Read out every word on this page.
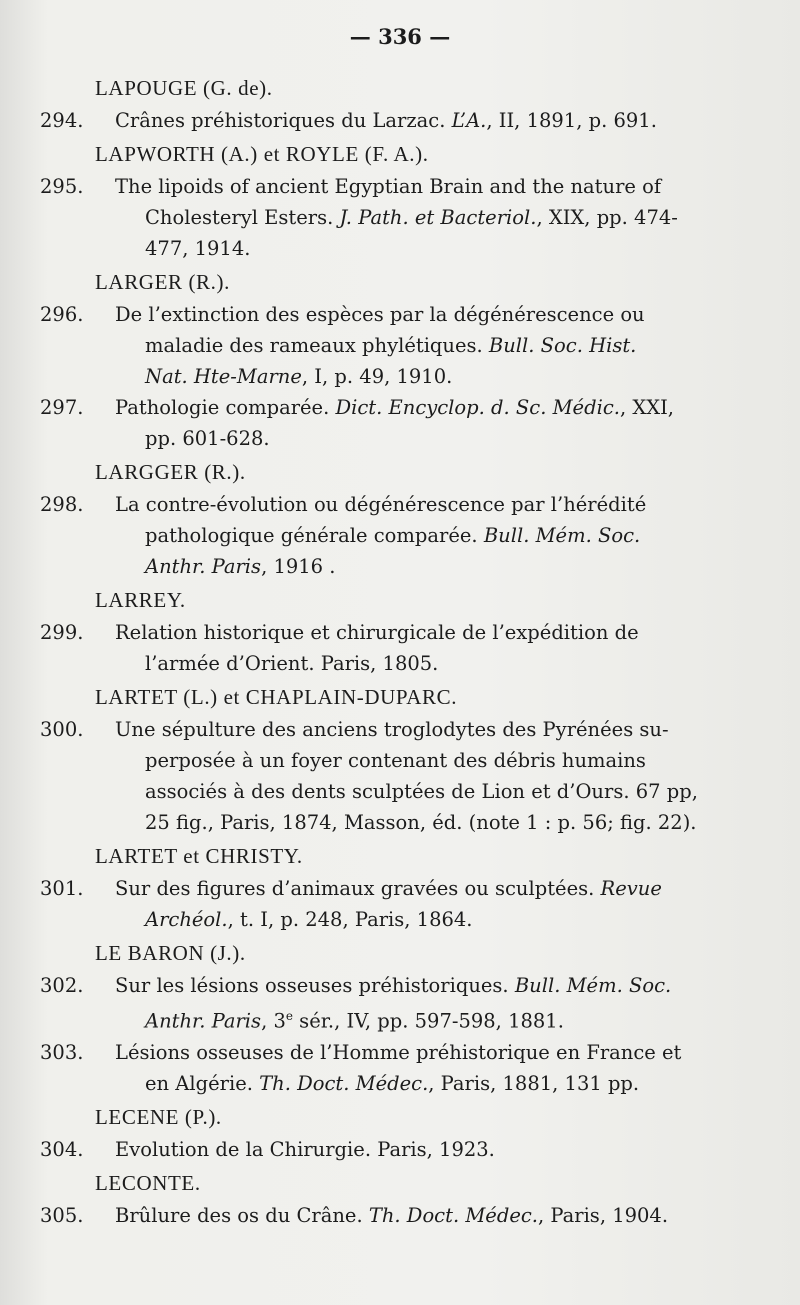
— 336 —
LAPOUGE (G. de).
294.	Crânes préhistoriques du Larzac. L’A., II, 1891, p. 691.
LAPWORTH (A.) et ROYLE (F. A.).
295.	The lipoids of ancient Egyptian Brain and the nature of
Cholesteryl Esters. J. Path. et Bacteriol., XIX, pp. 474-
477, 1914.
LARGER (R.).
296.	De l’extinction des espèces par la dégénérescence ou
maladie des rameaux phylétiques. Bull. Soc. Hist.
Nat. Hte-Marne, I, p. 49, 1910.
297.	Pathologie comparée. Dict. Encyclop. d. Sc. Médic., XXI,
pp. 601-628.
LARGGER (R.).
298.	La contre-évolution ou dégénérescence par l’hérédité
pathologique générale comparée. Bull. Mém. Soc.
Anthr. Paris, 1916 .
LARREY.
299.	Relation historique et chirurgicale de l’expédition de
l’armée d’Orient. Paris, 1805.
LARTET (L.) et CHAPLAIN-DUPARC.
300.	Une sépulture des anciens troglodytes des Pyrénées su-
perposée à un foyer contenant des débris humains
associés à des dents sculptées de Lion et d’Ours. 67 pp,
25 fig., Paris, 1874, Masson, éd. (note 1 : p. 56; fig. 22).
LARTET et CHRISTY.
301.	Sur des figures d’animaux gravées ou sculptées. Revue
Archéol., t. I, p. 248, Paris, 1864.
LE BARON (J.).
302.	Sur les lésions osseuses préhistoriques. Bull. Mém. Soc.
Anthr. Paris, 3e sér., IV, pp. 597-598, 1881.
303.	Lésions osseuses de l’Homme préhistorique en France et
en Algérie. Th. Doct. Médec., Paris, 1881, 131 pp.
LECENE (P.).
304.	Evolution de la Chirurgie. Paris, 1923.
LECONTE.
305.	Brûlure des os du Crâne. Th. Doct. Médec., Paris, 1904.
